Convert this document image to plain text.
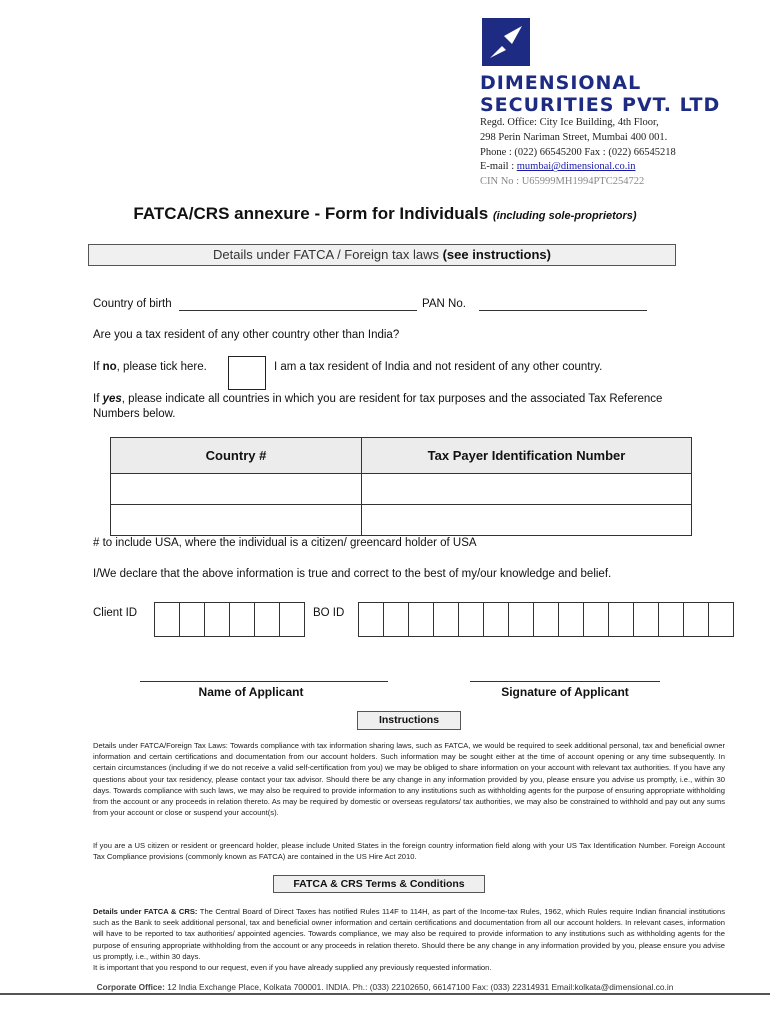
DIMENSIONAL
SECURITIES PVT. LTD
Regd. Office: City Ice Building, 4th Floor,
298 Perin Nariman Street, Mumbai 400 001.
Phone : (022) 66545200 Fax : (022) 66545218
E-mail : mumbai@dimensional.co.in
CIN No : U65999MH1994PTC254722
FATCA/CRS annexure - Form for Individuals (including sole-proprietors)
Details under FATCA / Foreign tax laws (see instructions)
Country of birth	PAN No.
Are you a tax resident of any other country other than India?
If no, please tick here.	I am a tax resident of India and not resident of any other country.
If yes, please indicate all countries in which you are resident for tax purposes and the associated Tax Reference
Numbers below.
Country #	Tax Payer Identification Number

# to include USA, where the individual is a citizen/ greencard holder of USA
I/We declare that the above information is true and correct to the best of my/our knowledge and belief.
Client ID	BO ID
Name of Applicant	Signature of Applicant
Instructions
Details under FATCA/Foreign Tax Laws: Towards compliance with tax information sharing laws, such as FATCA, we would be required to seek additional personal, tax and beneficial owner information and certain certifications and documentation from our account holders. Such information may be sought either at the time of account opening or any time subsequently. In certain circumstances (including if we do not receive a valid self-certification from you) we may be obliged to share information on your account with relevant tax authorities. If you have any questions about your tax residency, please contact your tax advisor. Should there be any change in any information provided by you, please ensure you advise us promptly, i.e., within 30 days. Towards compliance with such laws, we may also be required to provide information to any institutions such as withholding agents for the purpose of ensuring appropriate withholding from the account or any proceeds in relation thereto. As may be required by domestic or overseas regulators/ tax authorities, we may also be constrained to withhold and pay out any sums from your account or close or suspend your account(s).
If you are a US citizen or resident or greencard holder, please include United States in the foreign country information field along with your US Tax Identification Number. Foreign Account Tax Compliance provisions (commonly known as FATCA) are contained in the US Hire Act 2010.
FATCA & CRS Terms & Conditions
Details under FATCA & CRS: The Central Board of Direct Taxes has notified Rules 114F to 114H, as part of the Income-tax Rules, 1962, which Rules require Indian financial institutions such as the Bank to seek additional personal, tax and beneficial owner information and certain certifications and documentation from all our account holders. In relevant cases, information will have to be reported to tax authorities/ appointed agencies. Towards compliance, we may also be required to provide information to any institutions such as withholding agents for the purpose of ensuring appropriate withholding from the account or any proceeds in relation thereto. Should there be any change in any information provided by you, please ensure you advise us promptly, i.e., within 30 days.
It is important that you respond to our request, even if you have already supplied any previously requested information.
Corporate Office: 12 India Exchange Place, Kolkata 700001. INDIA. Ph.: (033) 22102650, 66147100 Fax: (033) 22314931 Email:kolkata@dimensional.co.in
